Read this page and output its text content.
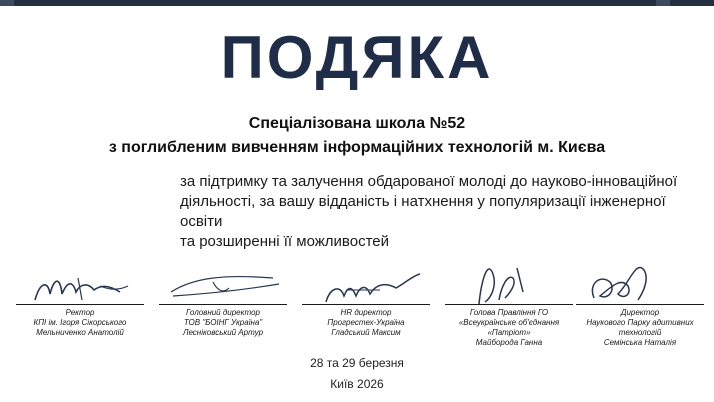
ПОДЯКА
Спеціалізована школа №52
з поглибленим вивченням інформаційних технологій м. Києва
за підтримку та залучення обдарованої молоді до науково-інноваційної
діяльності, за вашу відданість і натхнення у популяризації інженерної освіти
та розширенні її можливостей
Ректор
КПІ ім. Ігоря Сікорського
Мельниченко Анатолій
Головний директор
ТОВ "БОІНГ Україна"
Лесніковський Артур
HR директор
Прогрестех-Україна
Гладський Максим
Голова Правління ГО
«Всеукраїнське об'єднання «Патріот»
Майборода Ганна
Директор
Наукового Парку адитивних технологій
Семінська Наталія
28 та 29 березня
Київ 2026
